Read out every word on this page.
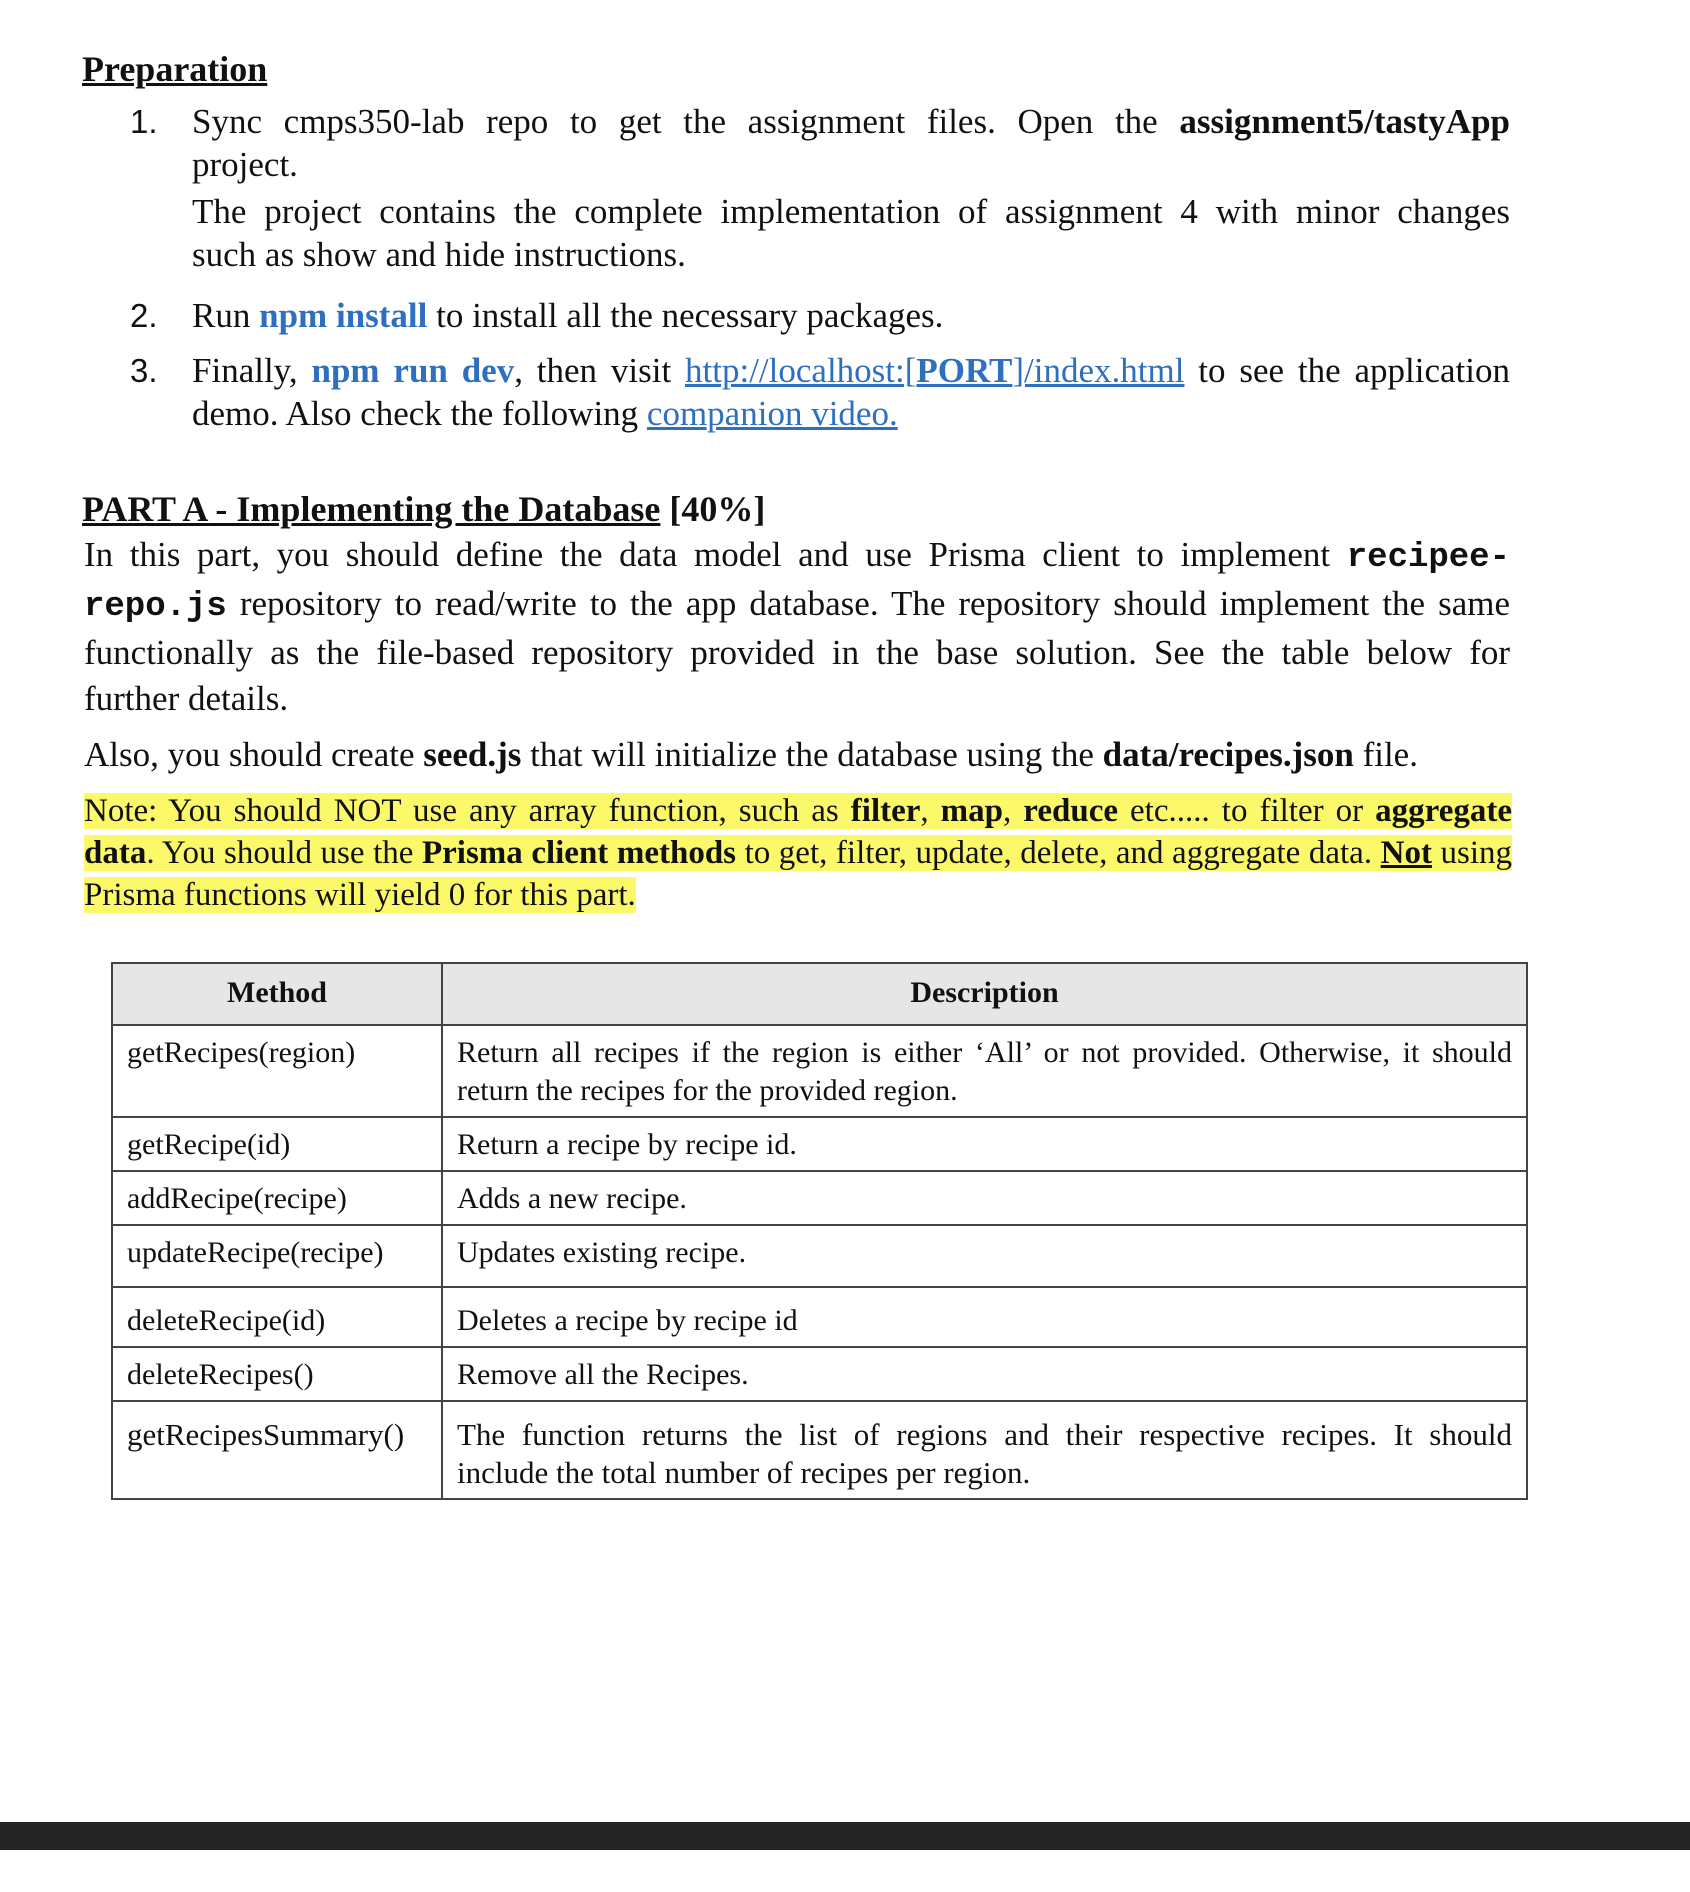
Preparation
1. Sync cmps350-lab repo to get the assignment files. Open the assignment5/tastyApp
project.
The project contains the complete implementation of assignment 4 with minor changes
such as show and hide instructions.
2. Run npm install to install all the necessary packages.
3. Finally, npm run dev, then visit http://localhost:[PORT]/index.html to see the application
demo. Also check the following companion video.
PART A - Implementing the Database [40%]
In this part, you should define the data model and use Prisma client to implement recipee-
repo.js repository to read/write to the app database. The repository should implement the same
functionally as the file-based repository provided in the base solution. See the table below for
further details.
Also, you should create seed.js that will initialize the database using the data/recipes.json file.
Note: You should NOT use any array function, such as filter, map, reduce etc..... to filter or aggregate
data. You should use the Prisma client methods to get, filter, update, delete, and aggregate data. Not using
Prisma functions will yield 0 for this part.
Method	Description
getRecipes(region)	Return all recipes if the region is either ‘All’ or not provided. Otherwise, it should
return the recipes for the provided region.

getRecipe(id)	Return a recipe by recipe id.
addRecipe(recipe)	Adds a new recipe.
updateRecipe(recipe)	Updates existing recipe.
deleteRecipe(id)	Deletes a recipe by recipe id
deleteRecipes()	Remove all the Recipes.
getRecipesSummary()	The function returns the list of regions and their respective recipes. It should
include the total number of recipes per region.
